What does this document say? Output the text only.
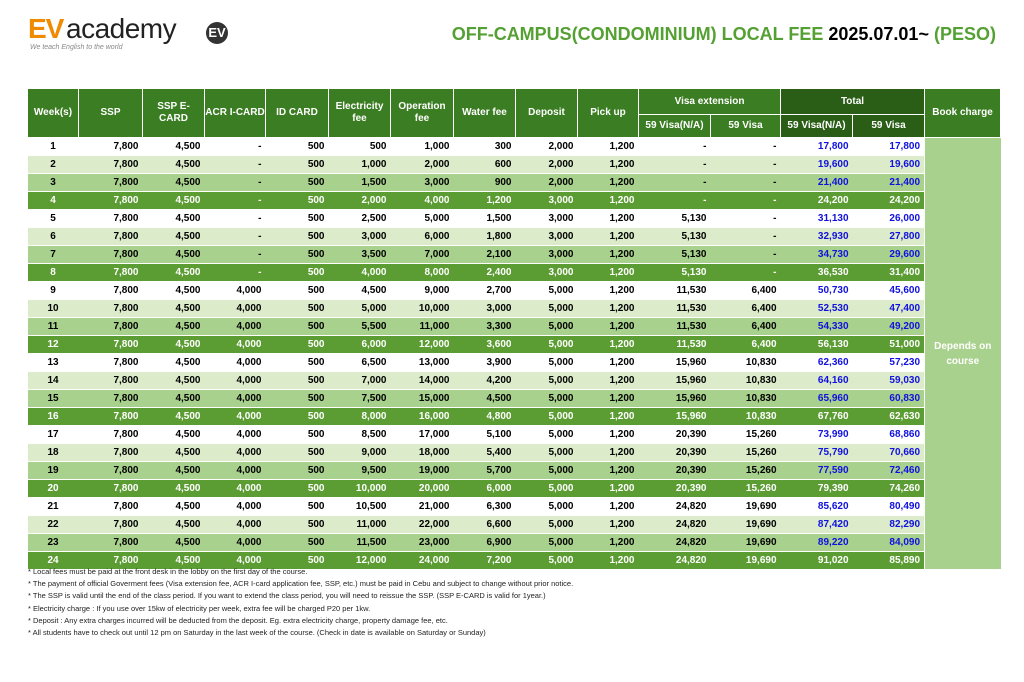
EV academy EV
We teach English to the world
OFF-CAMPUS(CONDOMINIUM) LOCAL FEE 2025.07.01~ (PESO)
Week(s)	SSP	SSP E-CARD	ACR I-CARD	ID CARD	Electricity fee	Operation fee	Water fee	Deposit	Pick up	Visa extension		Total		Book charge
										59 Visa(N/A)	59 Visa	59 Visa(N/A)	59 Visa	
1	7,800	4,500	-	500	500	1,000	300	2,000	1,200	-	-	17,800	17,800	Depends on course
2	7,800	4,500	-	500	1,000	2,000	600	2,000	1,200	-	-	19,600	19,600	
3	7,800	4,500	-	500	1,500	3,000	900	2,000	1,200	-	-	21,400	21,400	
4	7,800	4,500	-	500	2,000	4,000	1,200	3,000	1,200	-	-	24,200	24,200	
5	7,800	4,500	-	500	2,500	5,000	1,500	3,000	1,200	5,130	-	31,130	26,000	
6	7,800	4,500	-	500	3,000	6,000	1,800	3,000	1,200	5,130	-	32,930	27,800	
7	7,800	4,500	-	500	3,500	7,000	2,100	3,000	1,200	5,130	-	34,730	29,600	
8	7,800	4,500	-	500	4,000	8,000	2,400	3,000	1,200	5,130	-	36,530	31,400	
9	7,800	4,500	4,000	500	4,500	9,000	2,700	5,000	1,200	11,530	6,400	50,730	45,600	
10	7,800	4,500	4,000	500	5,000	10,000	3,000	5,000	1,200	11,530	6,400	52,530	47,400	
11	7,800	4,500	4,000	500	5,500	11,000	3,300	5,000	1,200	11,530	6,400	54,330	49,200	
12	7,800	4,500	4,000	500	6,000	12,000	3,600	5,000	1,200	11,530	6,400	56,130	51,000	
13	7,800	4,500	4,000	500	6,500	13,000	3,900	5,000	1,200	15,960	10,830	62,360	57,230	
14	7,800	4,500	4,000	500	7,000	14,000	4,200	5,000	1,200	15,960	10,830	64,160	59,030	
15	7,800	4,500	4,000	500	7,500	15,000	4,500	5,000	1,200	15,960	10,830	65,960	60,830	
16	7,800	4,500	4,000	500	8,000	16,000	4,800	5,000	1,200	15,960	10,830	67,760	62,630	
17	7,800	4,500	4,000	500	8,500	17,000	5,100	5,000	1,200	20,390	15,260	73,990	68,860	
18	7,800	4,500	4,000	500	9,000	18,000	5,400	5,000	1,200	20,390	15,260	75,790	70,660	
19	7,800	4,500	4,000	500	9,500	19,000	5,700	5,000	1,200	20,390	15,260	77,590	72,460	
20	7,800	4,500	4,000	500	10,000	20,000	6,000	5,000	1,200	20,390	15,260	79,390	74,260	
21	7,800	4,500	4,000	500	10,500	21,000	6,300	5,000	1,200	24,820	19,690	85,620	80,490	
22	7,800	4,500	4,000	500	11,000	22,000	6,600	5,000	1,200	24,820	19,690	87,420	82,290	
23	7,800	4,500	4,000	500	11,500	23,000	6,900	5,000	1,200	24,820	19,690	89,220	84,090	
24	7,800	4,500	4,000	500	12,000	24,000	7,200	5,000	1,200	24,820	19,690	91,020	85,890	
* Local fees must be paid at the front desk in the lobby on the first day of the course.
* The payment of official Goverment fees (Visa extension fee, ACR I-card application fee, SSP, etc.) must be paid in Cebu and subject to change without prior notice.
* The SSP is valid until the end of the class period. If you want to extend the class period, you will need to reissue the SSP. (SSP E-CARD is valid for 1year.)
* Electricity charge : If you use over 15kw of electricity per week, extra fee will be charged P20 per 1kw.
* Deposit : Any extra charges incurred will be deducted from the deposit. Eg. extra electricity charge, property damage fee, etc.
* All students have to check out until 12 pm on Saturday in the last week of the course. (Check in date is available on Saturday or Sunday)
